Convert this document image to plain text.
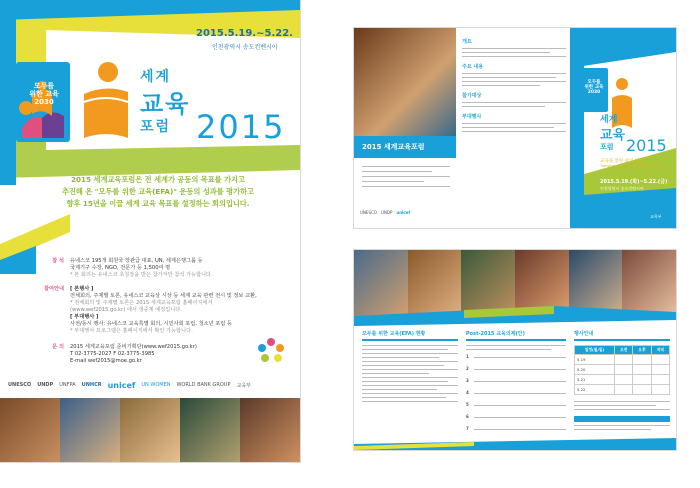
모두를
위한 교육
2030
2015.5.19.~5.22.
인천광역시 송도컨벤시아
세계
교육
포럼 2015
2015 세계교육포럼은 전 세계가 공동의 목표를 가지고
추진해 온 "모두를 위한 교육(EFA)" 운동의 성과를 평가하고
향후 15년을 이끌 세계 교육 목표를 설정하는 회의입니다.
참 석 유네스코 195개 회원국 장관급 대표, UN, 세계은행그룹 등
국제기구 수장, NGO, 전문가 등 1,500여 명
* 본 회의는 유네스코 초청장을 받은 참가자만 참석 가능합니다.
참여안내 [ 본행사 ]
전체회의, 주제별 토론, 유네스코 교육상 시상 등 세계 교육 관련 전시 및 정보 교환,
* 전체회의 및 주제별 토론은 2015 세계교육포럼 홈페이지에서
(www.wef2015.go.kr) 에서 생중계 예정입니다.
[ 부대행사 ]
사전/동시 행사: 유네스코 교육특별 회의, 시민사회 포럼, 청소년 포럼 등
* 부대행사 프로그램은 홈페이지에서 확인 가능합니다.
문 의 2015 세계교육포럼 준비기획단(www.wef2015.go.kr)
T 02-3775-2027 F 02-3775-3985
E-mail wef2015@moe.go.kr
UNESCO UNDP UNFPA UNHCR unicef UN WOMEN WORLD BANK GROUP 교육부
2015 세계교육포럼
UNESCO UNDP unicef
개요
주요 내용
참가대상
부대행사
모두를
위한 교육
2030
세계
교육
포럼 2015
교육을 통한 삶의 변화
Transforming lives through education
2015.5.19.(화)~5.22.(금)
인천광역시 송도컨벤시아
교육부
모두를 위한 교육(EFA) 현황	Post-2015 교육의제(안)
1
2
3
4
5
6
7
행사안내
일정(월/일)	오전	오후	저녁
5.19			
5.20			
5.21			
5.22			
